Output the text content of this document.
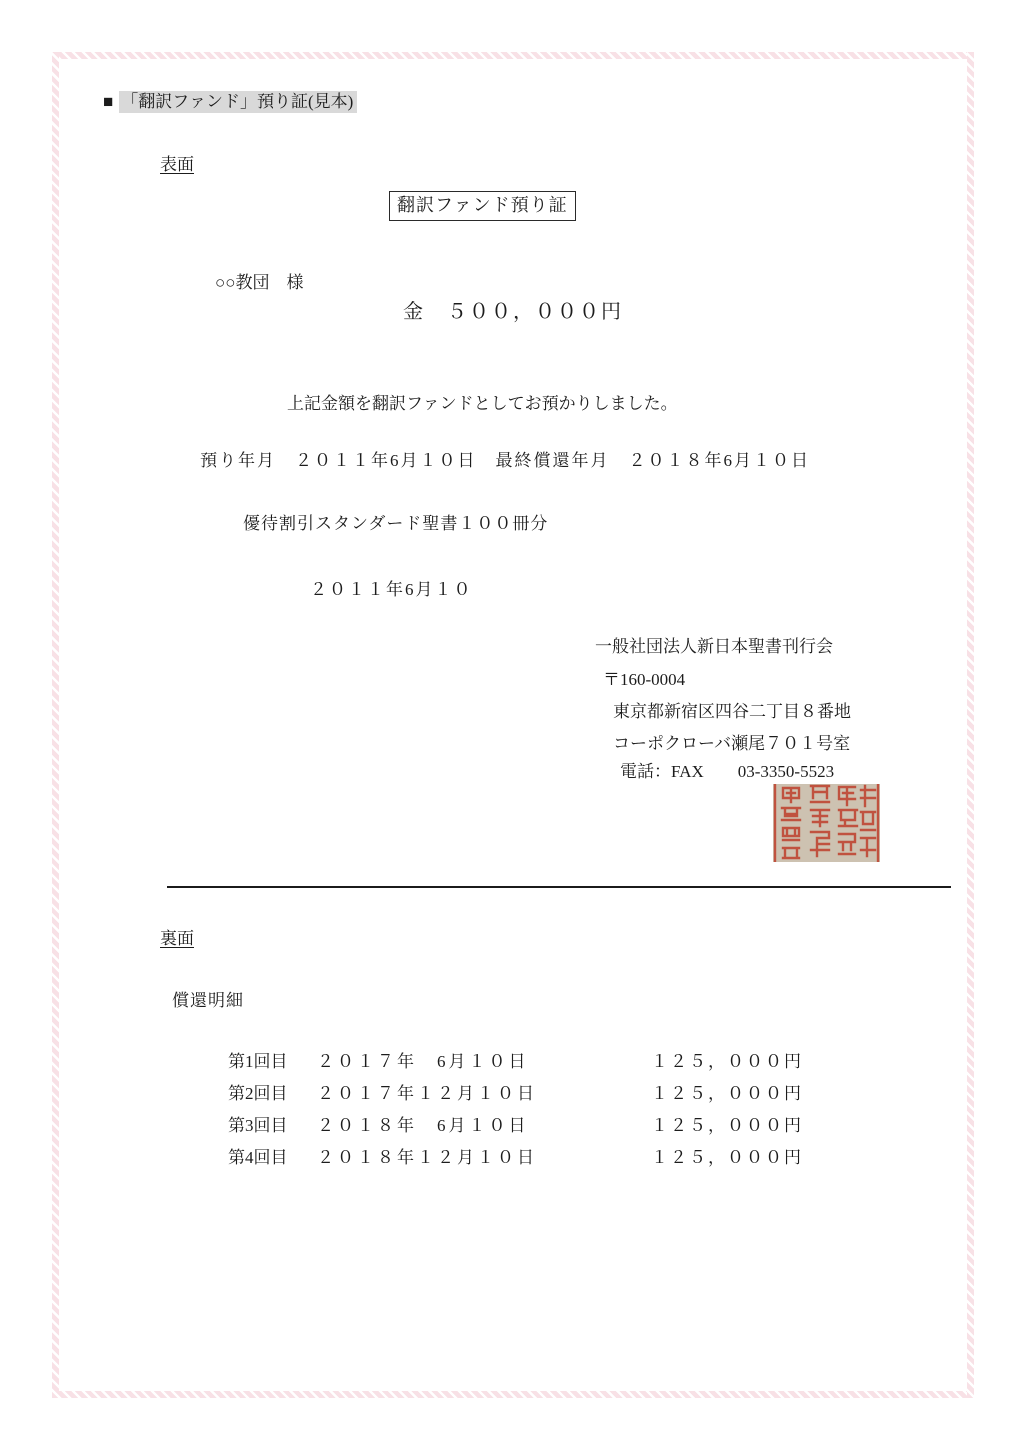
■ 「翻訳ファンド」預り証(見本)
表面
翻訳ファンド預り証
○○教団　様
金　５００，０００円
上記金額を翻訳ファンドとしてお預かりしました。
預り年月　２０１１年6月１０日　最終償還年月　２０１８年6月１０日
優待割引スタンダード聖書１００冊分
２０１１年6月１０
一般社団法人新日本聖書刊行会
〒160-0004
東京都新宿区四谷二丁目８番地
コーポクローバ瀬尾７０１号室
電話：FAX　　03-3350-5523
裏面
償還明細
第1回目 ２０１７年　6月１０日	１２５，０００円
第2回目 ２０１７年１２月１０日	１２５，０００円
第3回目 ２０１８年　6月１０日	１２５，０００円
第4回目 ２０１８年１２月１０日	１２５，０００円
